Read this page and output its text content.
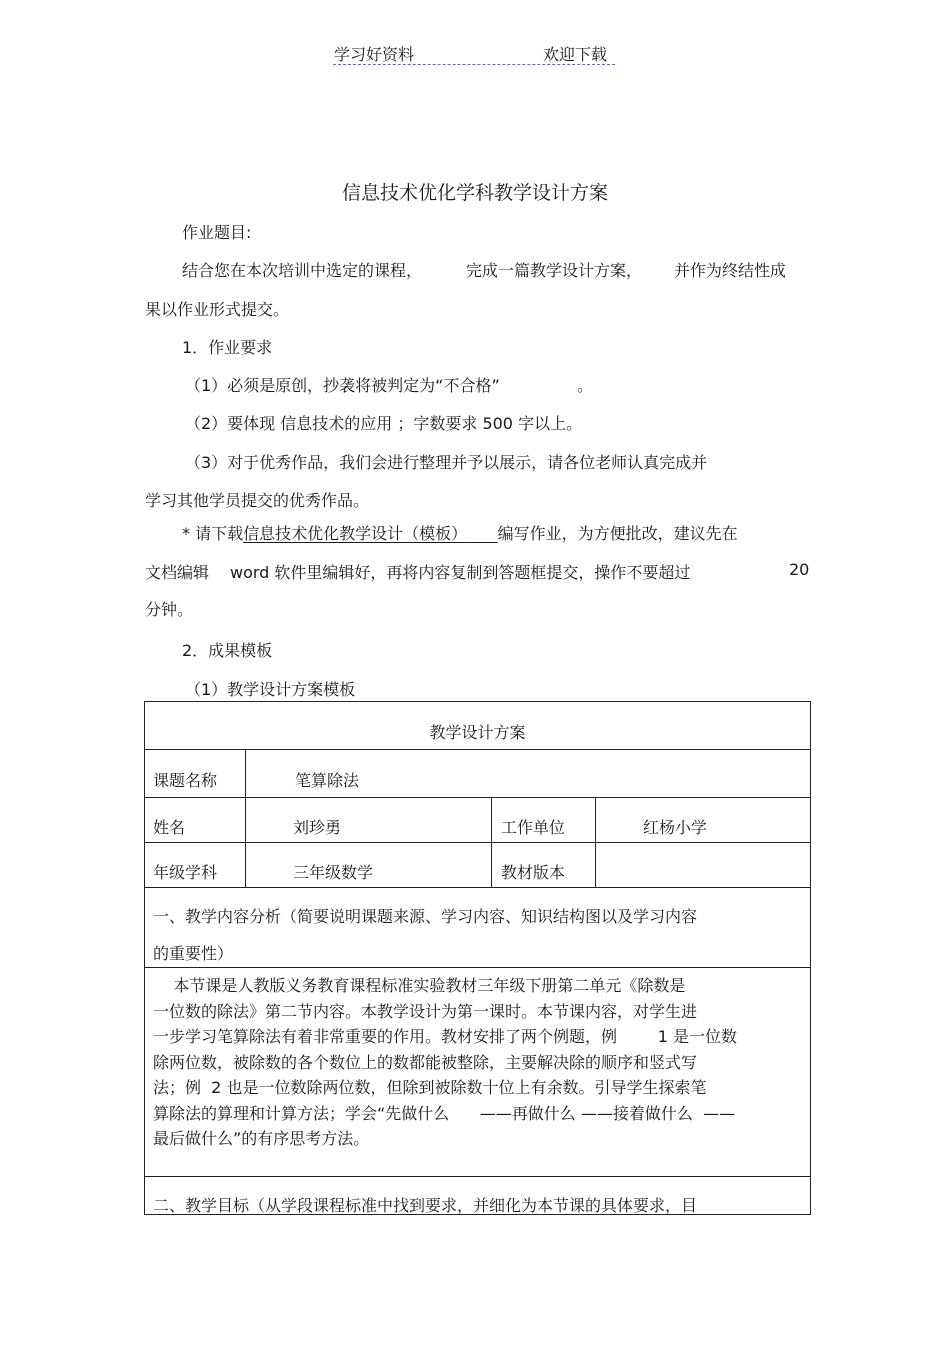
学习好资料	欢迎下载
信息技术优化学科教学设计方案
作业题目:
结合您在本次培训中选定的课程，	完成一篇教学设计方案， 并作为终结性成
果以作业形式提交。
1．作业要求
（1）必须是原创，抄袭将被判定为“不合格”	。
（2）要体现 信息技术的应用 ；字数要求 500 字以上。
（3）对于优秀作品，我们会进行整理并予以展示，请各位老师认真完成并
学习其他学员提交的优秀作品。
* 请下载信息技术优化教学设计（模板） 编写作业，为方便批改，建议先在
文档编辑 word 软件里编辑好，再将内容复制到答题框提交，操作不要超过	20
分钟。
2．成果模板
（1）教学设计方案模板
教学设计方案
课题名称	笔算除法
姓名	刘珍勇	工作单位	红杨小学
年级学科	三年级数学	教材版本
一、教学内容分析（简要说明课题来源、学习内容、知识结构图以及学习内容
的重要性）
本节课是人教版义务教育课程标准实验教材三年级下册第二单元《除数是
一位数的除法》第二节内容。本教学设计为第一课时。本节课内容，对学生进
一步学习笔算除法有着非常重要的作用。教材安排了两个例题，例        1 是一位数
除两位数，被除数的各个数位上的数都能被整除，主要解决除的顺序和竖式写
法；例  2 也是一位数除两位数，但除到被除数十位上有余数。引导学生探索笔
算除法的算理和计算方法；学会“先做什么      ——再做什么 ——接着做什么  ——
最后做什么”的有序思考方法。
二、教学目标（从学段课程标准中找到要求，并细化为本节课的具体要求，目
